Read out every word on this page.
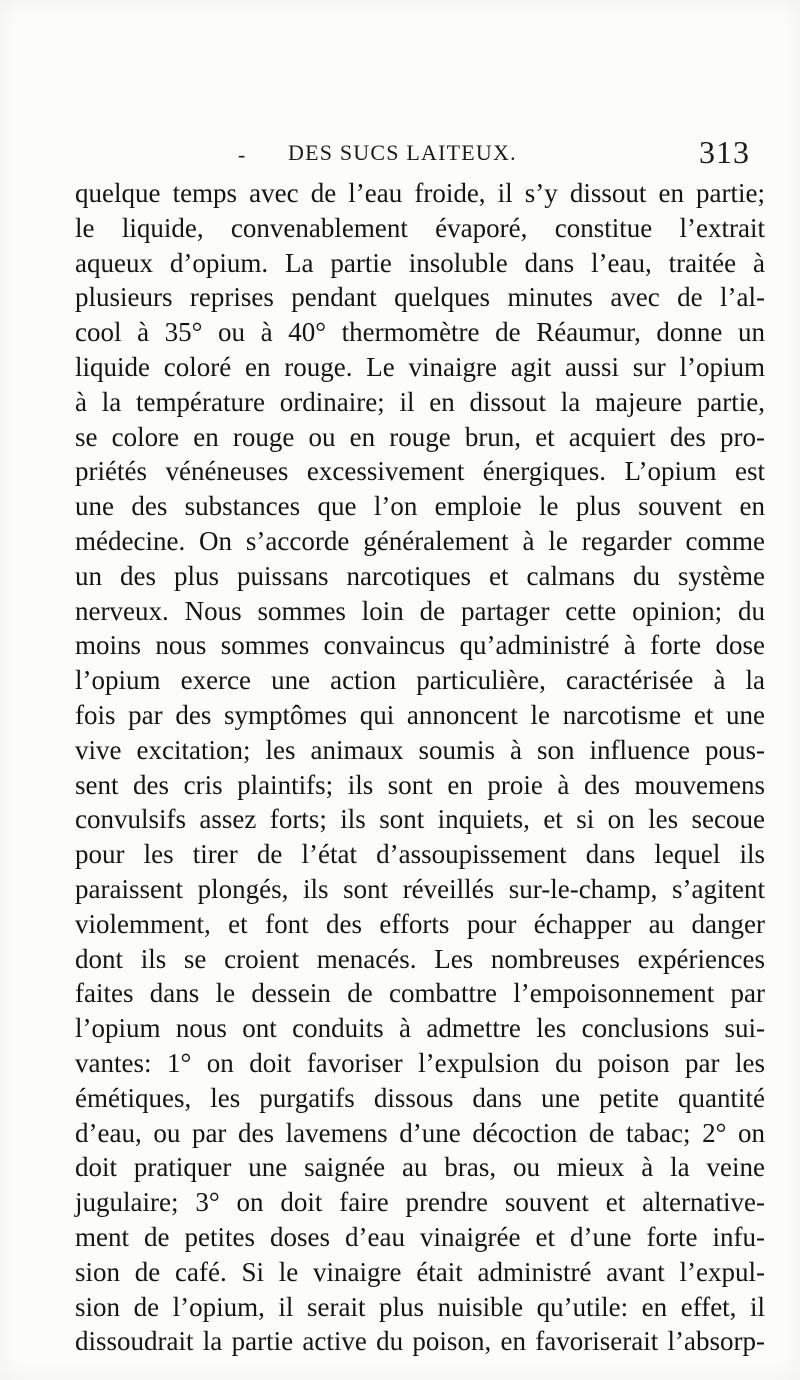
- DES SUCS LAITEUX.	313
quelque temps avec de l’eau froide, il s’y dissout en partie;
le liquide, convenablement évaporé, constitue l’extrait
aqueux d’opium. La partie insoluble dans l’eau, traitée à
plusieurs reprises pendant quelques minutes avec de l’al-
cool à 35° ou à 40° thermomètre de Réaumur, donne un
liquide coloré en rouge. Le vinaigre agit aussi sur l’opium
à la température ordinaire; il en dissout la majeure partie,
se colore en rouge ou en rouge brun, et acquiert des pro-
priétés vénéneuses excessivement énergiques. L’opium est
une des substances que l’on emploie le plus souvent en
médecine. On s’accorde généralement à le regarder comme
un des plus puissans narcotiques et calmans du système
nerveux. Nous sommes loin de partager cette opinion; du
moins nous sommes convaincus qu’administré à forte dose
l’opium exerce une action particulière, caractérisée à la
fois par des symptômes qui annoncent le narcotisme et une
vive excitation; les animaux soumis à son influence pous-
sent des cris plaintifs; ils sont en proie à des mouvemens
convulsifs assez forts; ils sont inquiets, et si on les secoue
pour les tirer de l’état d’assoupissement dans lequel ils
paraissent plongés, ils sont réveillés sur-le-champ, s’agitent
violemment, et font des efforts pour échapper au danger
dont ils se croient menacés. Les nombreuses expériences
faites dans le dessein de combattre l’empoisonnement par
l’opium nous ont conduits à admettre les conclusions sui-
vantes: 1° on doit favoriser l’expulsion du poison par les
émétiques, les purgatifs dissous dans une petite quantité
d’eau, ou par des lavemens d’une décoction de tabac; 2° on
doit pratiquer une saignée au bras, ou mieux à la veine
jugulaire; 3° on doit faire prendre souvent et alternative-
ment de petites doses d’eau vinaigrée et d’une forte infu-
sion de café. Si le vinaigre était administré avant l’expul-
sion de l’opium, il serait plus nuisible qu’utile: en effet, il
dissoudrait la partie active du poison, en favoriserait l’absorp-
